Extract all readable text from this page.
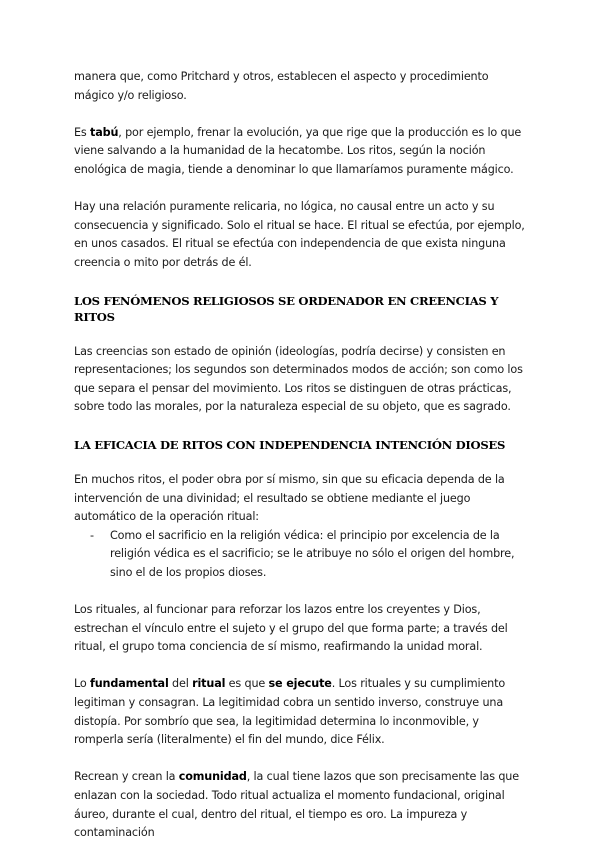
manera que, como Pritchard y otros, establecen el aspecto y procedimiento mágico y/o religioso.

Es tabú, por ejemplo, frenar la evolución, ya que rige que la producción es lo que viene salvando a la humanidad de la hecatombe. Los ritos, según la noción enológica de magia, tiende a denominar lo que llamaríamos puramente mágico.

Hay una relación puramente relicaria, no lógica, no causal entre un acto y su consecuencia y significado. Solo el ritual se hace. El ritual se efectúa, por ejemplo, en unos casados. El ritual se efectúa con independencia de que exista ninguna creencia o mito por detrás de él.

LOS FENÓMENOS RELIGIOSOS SE ORDENADOR EN CREENCIAS Y RITOS

Las creencias son estado de opinión (ideologías, podría decirse) y consisten en representaciones; los segundos son determinados modos de acción; son como los que separa el pensar del movimiento. Los ritos se distinguen de otras prácticas, sobre todo las morales, por la naturaleza especial de su objeto, que es sagrado.

LA EFICACIA DE RITOS CON INDEPENDENCIA INTENCIÓN DIOSES

En muchos ritos, el poder obra por sí mismo, sin que su eficacia dependa de la intervención de una divinidad; el resultado se obtiene mediante el juego automático de la operación ritual:

- Como el sacrificio en la religión védica: el principio por excelencia de la religión védica es el sacrificio; se le atribuye no sólo el origen del hombre, sino el de los propios dioses.

Los rituales, al funcionar para reforzar los lazos entre los creyentes y Dios, estrechan el vínculo entre el sujeto y el grupo del que forma parte; a través del ritual, el grupo toma conciencia de sí mismo, reafirmando la unidad moral.

Lo fundamental del ritual es que se ejecute. Los rituales y su cumplimiento legitiman y consagran. La legitimidad cobra un sentido inverso, construye una distopía. Por sombrío que sea, la legitimidad determina lo inconmovible, y romperla sería (literalmente) el fin del mundo, dice Félix.

Recrean y crean la comunidad, la cual tiene lazos que son precisamente las que enlazan con la sociedad. Todo ritual actualiza el momento fundacional, original áureo, durante el cual, dentro del ritual, el tiempo es oro. La impureza y contaminación
